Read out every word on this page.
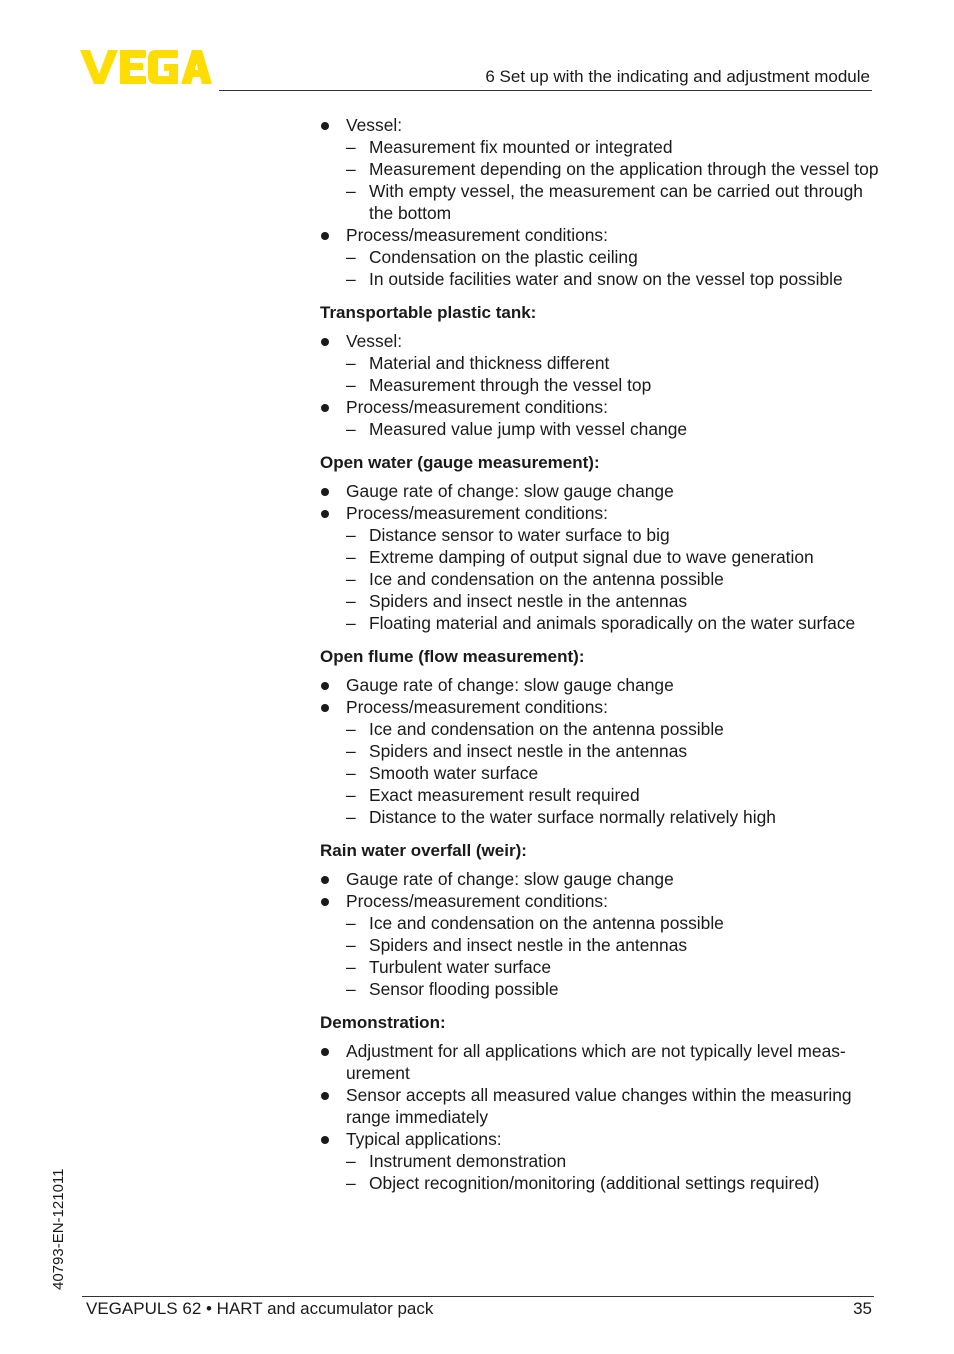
6 Set up with the indicating and adjustment module
Vessel:
– Measurement fix mounted or integrated
– Measurement depending on the application through the vessel top
– With empty vessel, the measurement can be carried out through the bottom
Process/measurement conditions:
– Condensation on the plastic ceiling
– In outside facilities water and snow on the vessel top possible
Transportable plastic tank:
Vessel:
– Material and thickness different
– Measurement through the vessel top
Process/measurement conditions:
– Measured value jump with vessel change
Open water (gauge measurement):
Gauge rate of change: slow gauge change
Process/measurement conditions:
– Distance sensor to water surface to big
– Extreme damping of output signal due to wave generation
– Ice and condensation on the antenna possible
– Spiders and insect nestle in the antennas
– Floating material and animals sporadically on the water surface
Open flume (flow measurement):
Gauge rate of change: slow gauge change
Process/measurement conditions:
– Ice and condensation on the antenna possible
– Spiders and insect nestle in the antennas
– Smooth water surface
– Exact measurement result required
– Distance to the water surface normally relatively high
Rain water overfall (weir):
Gauge rate of change: slow gauge change
Process/measurement conditions:
– Ice and condensation on the antenna possible
– Spiders and insect nestle in the antennas
– Turbulent water surface
– Sensor flooding possible
Demonstration:
Adjustment for all applications which are not typically level meas- urement
Sensor accepts all measured value changes within the measuring range immediately
Typical applications:
– Instrument demonstration
– Object recognition/monitoring (additional settings required)
40793-EN-121011
VEGAPULS 62 • HART and accumulator pack	35
